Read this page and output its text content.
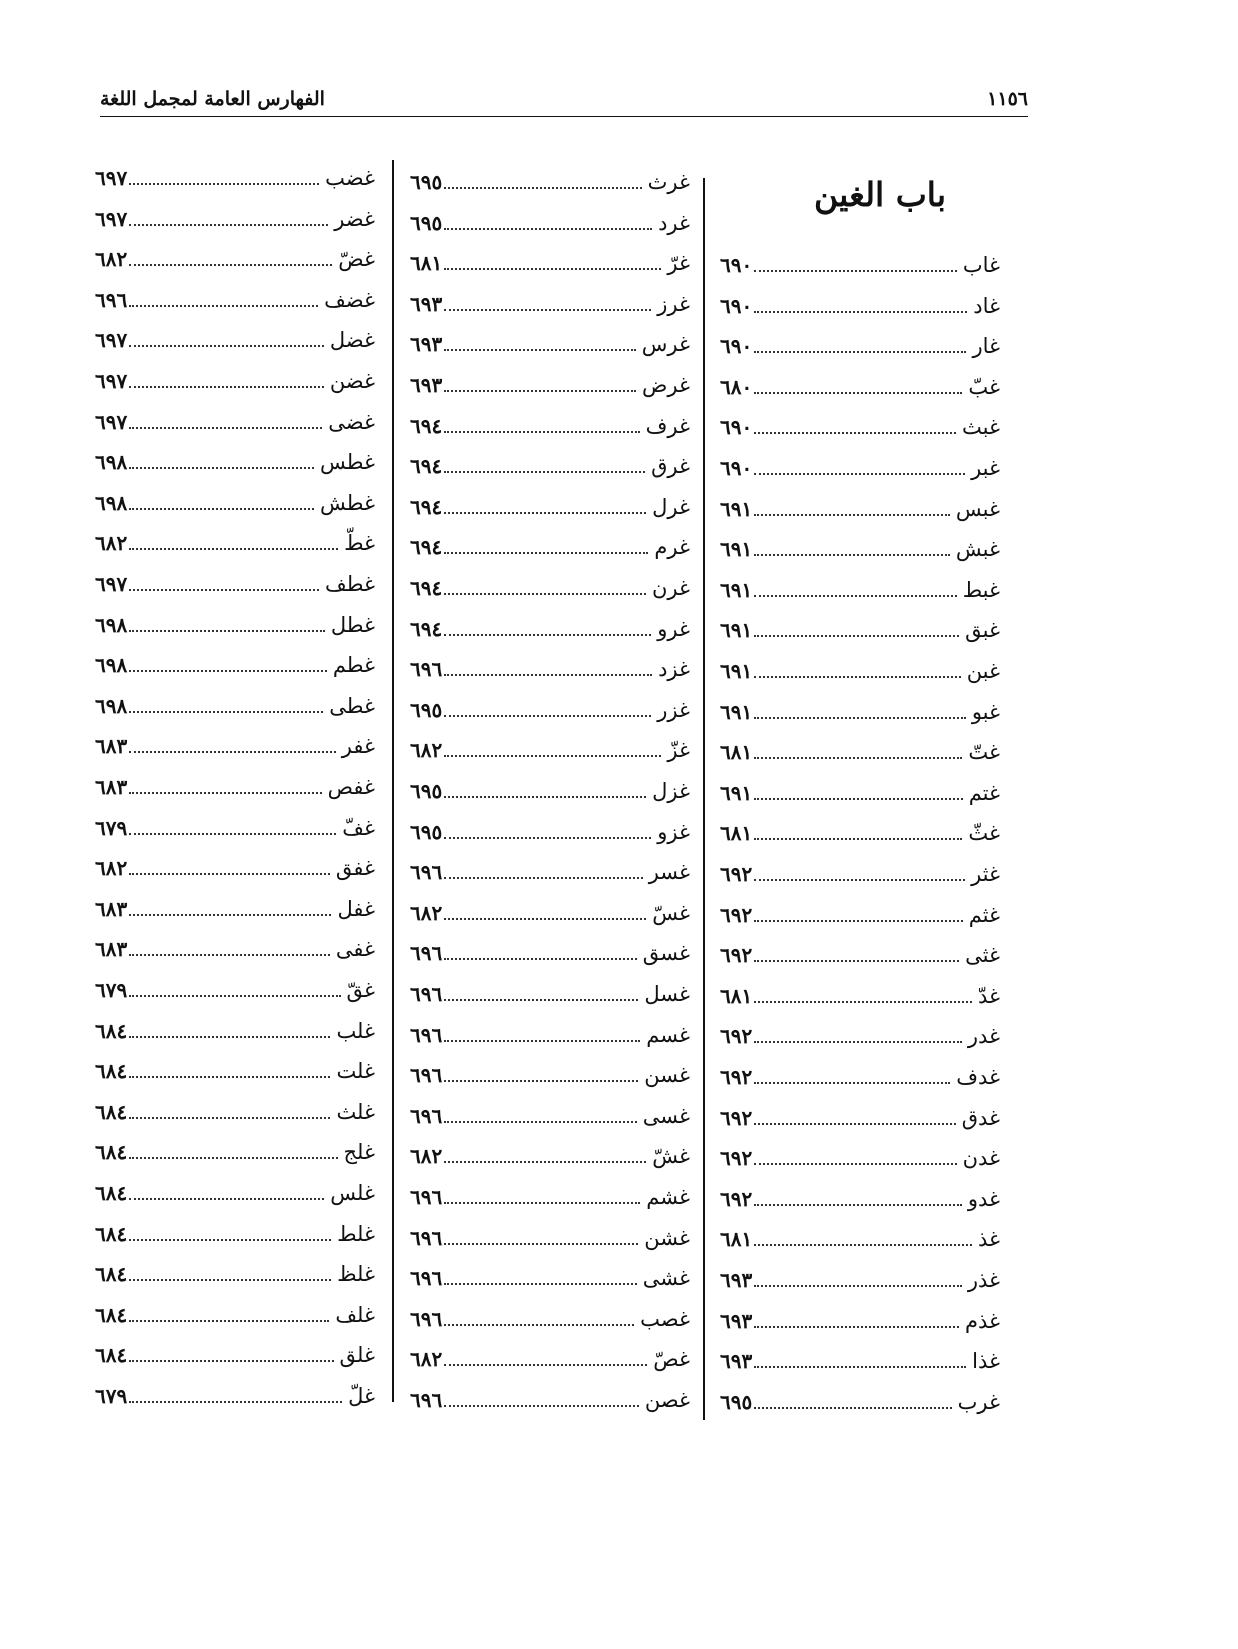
الفهارس العامة لمجمل اللغة	١١٥٦
باب الغين
غاب
٦٩٠
غاد
٦٩٠
غار
٦٩٠
غبّ
٦٨٠
غبث
٦٩٠
غبر
٦٩٠
غبس
٦٩١
غبش
٦٩١
غبط
٦٩١
غبق
٦٩١
غبن
٦٩١
غبو
٦٩١
غتّ
٦٨١
غتم
٦٩١
غثّ
٦٨١
غثر
٦٩٢
غثم
٦٩٢
غثى
٦٩٢
غدّ
٦٨١
غدر
٦٩٢
غدف
٦٩٢
غدق
٦٩٢
غدن
٦٩٢
غدو
٦٩٢
غذ
٦٨١
غذر
٦٩٣
غذم
٦٩٣
غذا
٦٩٣
غرب
٦٩٥
غرث
٦٩٥
غرد
٦٩٥
غرّ
٦٨١
غرز
٦٩٣
غرس
٦٩٣
غرض
٦٩٣
غرف
٦٩٤
غرق
٦٩٤
غرل
٦٩٤
غرم
٦٩٤
غرن
٦٩٤
غرو
٦٩٤
غزد
٦٩٦
غزر
٦٩٥
غزّ
٦٨٢
غزل
٦٩٥
غزو
٦٩٥
غسر
٦٩٦
غسّ
٦٨٢
غسق
٦٩٦
غسل
٦٩٦
غسم
٦٩٦
غسن
٦٩٦
غسى
٦٩٦
غشّ
٦٨٢
غشم
٦٩٦
غشن
٦٩٦
غشى
٦٩٦
غصب
٦٩٦
غصّ
٦٨٢
غصن
٦٩٦
غضب
٦٩٧
غضر
٦٩٧
غضّ
٦٨٢
غضف
٦٩٦
غضل
٦٩٧
غضن
٦٩٧
غضى
٦٩٧
غطس
٦٩٨
غطش
٦٩٨
غطّ
٦٨٢
غطف
٦٩٧
غطل
٦٩٨
غطم
٦٩٨
غطى
٦٩٨
غفر
٦٨٣
غفص
٦٨٣
غفّ
٦٧٩
غفق
٦٨٢
غفل
٦٨٣
غفى
٦٨٣
غقّ
٦٧٩
غلب
٦٨٤
غلت
٦٨٤
غلث
٦٨٤
غلج
٦٨٤
غلس
٦٨٤
غلط
٦٨٤
غلظ
٦٨٤
غلف
٦٨٤
غلق
٦٨٤
غلّ
٦٧٩
